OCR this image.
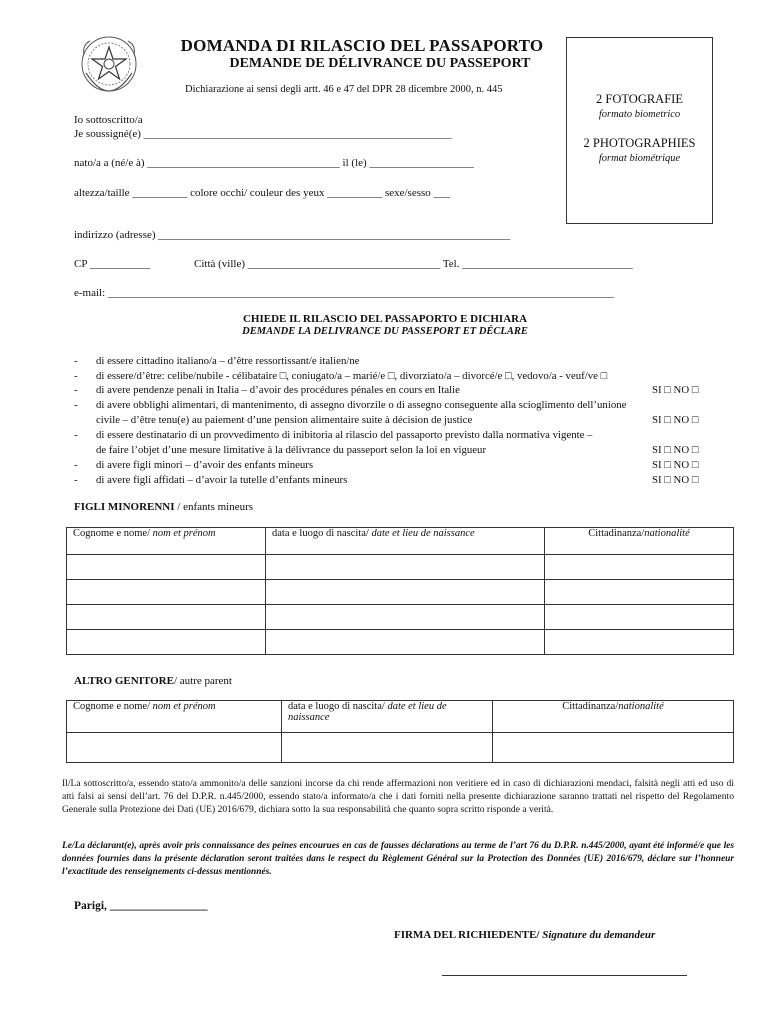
DOMANDA DI RILASCIO DEL PASSAPORTO
DEMANDE DE DÉLIVRANCE DU PASSEPORT
Dichiarazione ai sensi degli artt. 46 e 47 del DPR 28 dicembre 2000, n. 445
2 FOTOGRAFIE
formato biometrico
2 PHOTOGRAPHIES
format biométrique
Io sottoscritto/a
Je soussigné(e) ________________________________________________________
nato/a a (né/e à) ___________________________________ il (le) ___________________
altezza/taille __________ colore occhi/ couleur des yeux __________ sexe/sesso ___
indirizzo (adresse) ________________________________________________________________
CP ___________	Città (ville) ___________________________________ Tel. _______________________________
e-mail: ____________________________________________________________________________________________
CHIEDE IL RILASCIO DEL PASSAPORTO E DICHIARA
DEMANDE LA DELIVRANCE DU PASSEPORT ET DÉCLARE
- di essere cittadino italiano/a – d’être ressortissant/e italien/ne
- di essere/d’être: celibe/nubile - célibataire □, coniugato/a – marié/e □, divorziato/a – divorcé/e □, vedovo/a - veuf/ve □
- di avere pendenze penali in Italia – d’avoir des procédures pénales en cours en Italie	SI □ NO □
- di avere obblighi alimentari, di mantenimento, di assegno divorzile o di assegno conseguente alla scioglimento dell’unione
civile – d’être tenu(e) au paiement d’une pension alimentaire suite à décision de justice	SI □ NO □
- di essere destinatario di un provvedimento di inibitoria al rilascio del passaporto previsto dalla normativa vigente –
de faire l’objet d’une mesure limitative à la délivrance du passeport selon la loi en vigueur	SI □ NO □
- di avere figli minori – d’avoir des enfants mineurs	SI □ NO □
- di avere figli affidati – d’avoir la tutelle d’enfants mineurs	SI □ NO □
FIGLI MINORENNI / enfants mineurs
Cognome e nome/ nom et prénom	data e luogo di nascita/ date et lieu de naissance	Cittadinanza/nationalité

ALTRO GENITORE/ autre parent
Cognome e nome/ nom et prénom	data e luogo di nascita/ date et lieu de naissance	Cittadinanza/nationalité

Il/La sottoscritto/a, essendo stato/a ammonito/a delle sanzioni incorse da chi rende affermazioni non veritiere ed in caso di dichiarazioni mendaci, falsità negli atti ed uso di atti falsi ai sensi dell’art. 76 del D.P.R. n.445/2000, essendo stato/a informato/a che i dati forniti nella presente dichiarazione saranno trattati nel rispetto del Regolamento Generale sulla Protezione dei Dati (UE) 2016/679, dichiara sotto la sua responsabilità che quanto sopra scritto risponde a verità.
Le/La déclarant(e), après avoir pris connaissance des peines encourues en cas de fausses déclarations au terme de l’art 76 du D.P.R. n.445/2000, ayant été informé/e que les données fournies dans la présente déclaration seront traitées dans le respect du Règlement Général sur la Protection des Données (UE) 2016/679, déclare sur l’honneur l’exactitude des renseignements ci-dessus mentionnés.
Parigi, _________________
FIRMA DEL RICHIEDENTE/ Signature du demandeur
